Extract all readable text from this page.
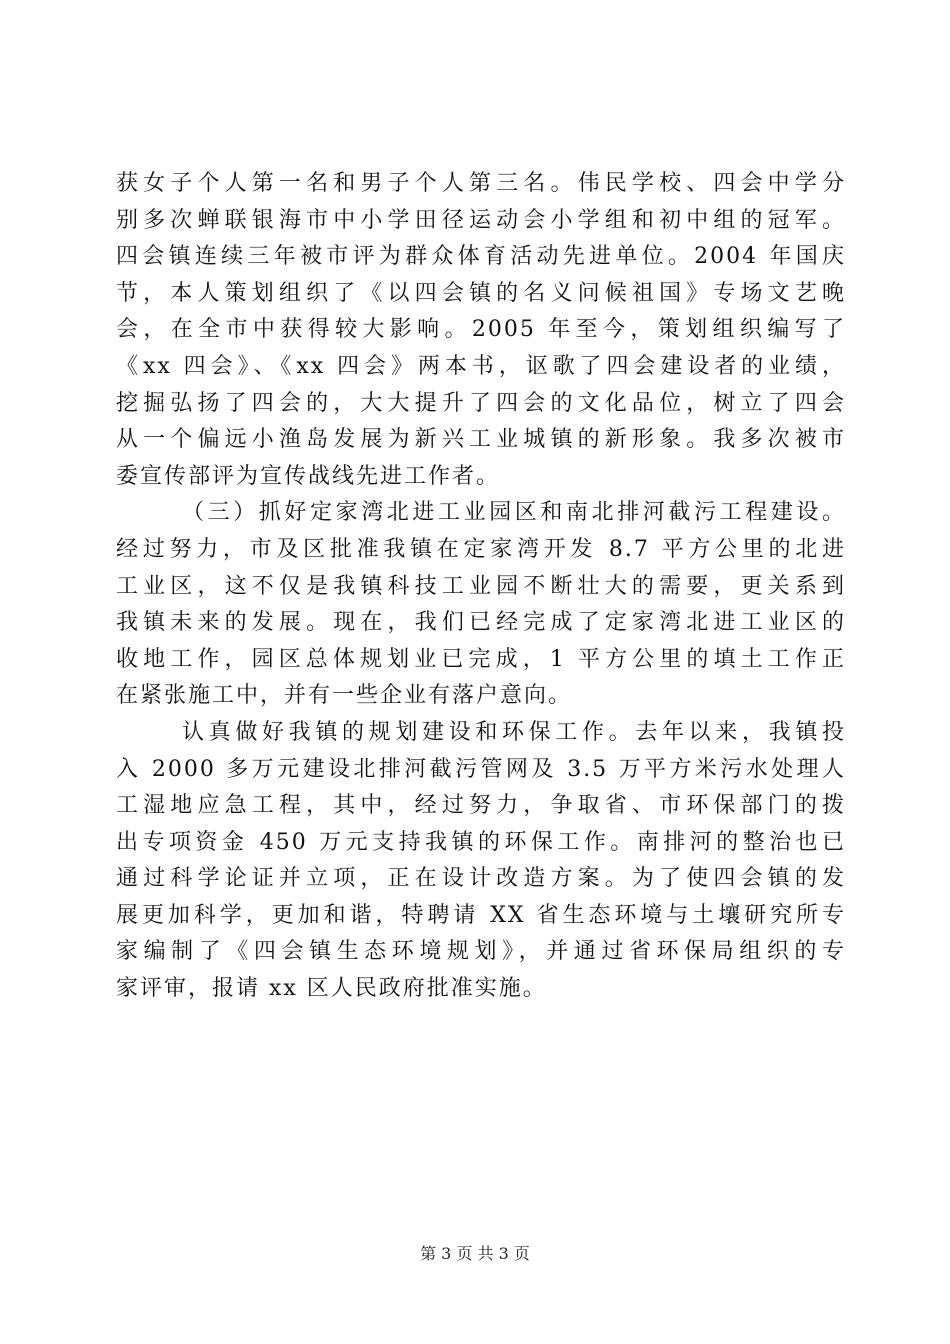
获女子个人第一名和男子个人第三名。伟民学校、四会中学分
别多次蝉联银海市中小学田径运动会小学组和初中组的冠军。
四会镇连续三年被市评为群众体育活动先进单位。2004 年国庆
节，本人策划组织了《以四会镇的名义问候祖国》专场文艺晚
会，在全市中获得较大影响。2005 年至今，策划组织编写了
《xx 四会》、《xx 四会》两本书，讴歌了四会建设者的业绩，
挖掘弘扬了四会的，大大提升了四会的文化品位，树立了四会
从一个偏远小渔岛发展为新兴工业城镇的新形象。我多次被市
委宣传部评为宣传战线先进工作者。
（三）抓好定家湾北进工业园区和南北排河截污工程建设。
经过努力，市及区批准我镇在定家湾开发 8.7 平方公里的北进
工业区，这不仅是我镇科技工业园不断壮大的需要，更关系到
我镇未来的发展。现在，我们已经完成了定家湾北进工业区的
收地工作，园区总体规划业已完成，1 平方公里的填土工作正
在紧张施工中，并有一些企业有落户意向。
认真做好我镇的规划建设和环保工作。去年以来，我镇投
入 2000 多万元建设北排河截污管网及 3.5 万平方米污水处理人
工湿地应急工程，其中，经过努力，争取省、市环保部门的拨
出专项资金 450 万元支持我镇的环保工作。南排河的整治也已
通过科学论证并立项，正在设计改造方案。为了使四会镇的发
展更加科学，更加和谐，特聘请 XX 省生态环境与土壤研究所专
家编制了《四会镇生态环境规划》，并通过省环保局组织的专
家评审，报请 xx 区人民政府批准实施。
第 3 页 共 3 页
